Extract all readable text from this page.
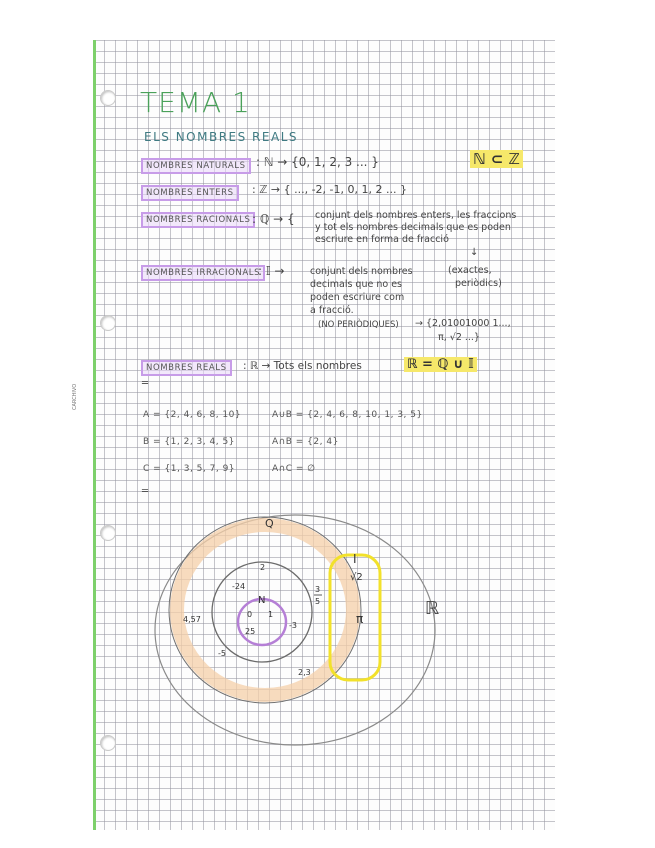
CARCHIVO
TEMA 1
ELS NOMBRES REALS
NOMBRES NATURALS : ℕ → {0, 1, 2, 3 ... }	ℕ ⊂ ℤ
NOMBRES ENTERS	: ℤ → { ..., -2, -1, 0, 1, 2 ... }
NOMBRES RACIONALS : ℚ → { conjunt dels nombres enters, les fraccions
y tot els nombres decimals que es poden
escriure en forma de fracció
↓
(exactes,
periòdics)
NOMBRES IRRACIONALS
: 𝕀 →	conjunt dels nombres
decimals que no es
poden escriure com
a fracció.
(NO PERIÒDIQUES) → {2,01001000 1...,
π, √2 ...}
NOMBRES REALS	: ℝ → Tots els nombres	ℝ = ℚ ∪ 𝕀
═
═
A = {2, 4, 6, 8, 10}
B = {1, 2, 3, 4, 5}
C = {1, 3, 5, 7, 9}
A∪B = {2, 4, 6, 8, 10, 1, 3, 5}
A∩B = {2, 4}
A∩C = ∅
Q
N
I
ℝ
√2
π
0 1
25
-24
2
-3
-5
3
5
4,57
2,3
